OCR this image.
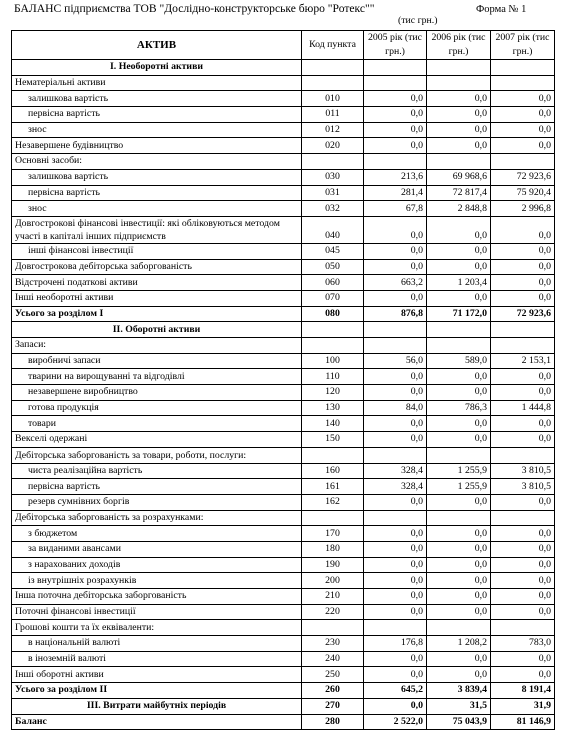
БАЛАНС підприємства ТОВ "Дослідно-конструкторське бюро "Ротекс""	Форма № 1
(тис грн.)
АКТИВ	Код пункта	2005 рік (тис грн.)	2006 рік (тис грн.)	2007 рік (тис грн.)
І. Необоротні активи				
Нематеріальні активи				
залишкова вартість	010	0,0	0,0	0,0
первісна вартість	011	0,0	0,0	0,0
знос	012	0,0	0,0	0,0
Незавершене будівництво	020	0,0	0,0	0,0
Основні засоби:				
залишкова вартість	030	213,6	69 968,6	72 923,6
первісна вартість	031	281,4	72 817,4	75 920,4
знос	032	67,8	2 848,8	2 996,8
Довгострокові фінансові інвестиції: які обліковуються методом участі в капіталі інших підприємств	040	0,0	0,0	0,0
інші фінансові інвестиції	045	0,0	0,0	0,0
Довгострокова дебіторська заборгованість	050	0,0	0,0	0,0
Відстрочені податкові активи	060	663,2	1 203,4	0,0
Інші необоротні активи	070	0,0	0,0	0,0
Усього за розділом І	080	876,8	71 172,0	72 923,6
ІІ. Оборотні активи				
Запаси:				
виробничі запаси	100	56,0	589,0	2 153,1
тварини на вирощуванні та відгодівлі	110	0,0	0,0	0,0
незавершене виробництво	120	0,0	0,0	0,0
готова продукція	130	84,0	786,3	1 444,8
товари	140	0,0	0,0	0,0
Векселі одержані	150	0,0	0,0	0,0
Дебіторська заборгованість за товари, роботи, послуги:				
чиста реалізаційна вартість	160	328,4	1 255,9	3 810,5
первісна вартість	161	328,4	1 255,9	3 810,5
резерв сумнівних боргів	162	0,0	0,0	0,0
Дебіторська заборгованість за розрахунками:				
з бюджетом	170	0,0	0,0	0,0
за виданими авансами	180	0,0	0,0	0,0
з нарахованих доходів	190	0,0	0,0	0,0
із внутрішніх розрахунків	200	0,0	0,0	0,0
Інша поточна дебіторська заборгованість	210	0,0	0,0	0,0
Поточні фінансові інвестиції	220	0,0	0,0	0,0
Грошові кошти та їх еквіваленти:				
в національній валюті	230	176,8	1 208,2	783,0
в іноземній валюті	240	0,0	0,0	0,0
Інші оборотні активи	250	0,0	0,0	0,0
Усього за розділом ІІ	260	645,2	3 839,4	8 191,4
ІІІ. Витрати майбутніх періодів	270	0,0	31,5	31,9
Баланс	280	2 522,0	75 043,9	81 146,9
